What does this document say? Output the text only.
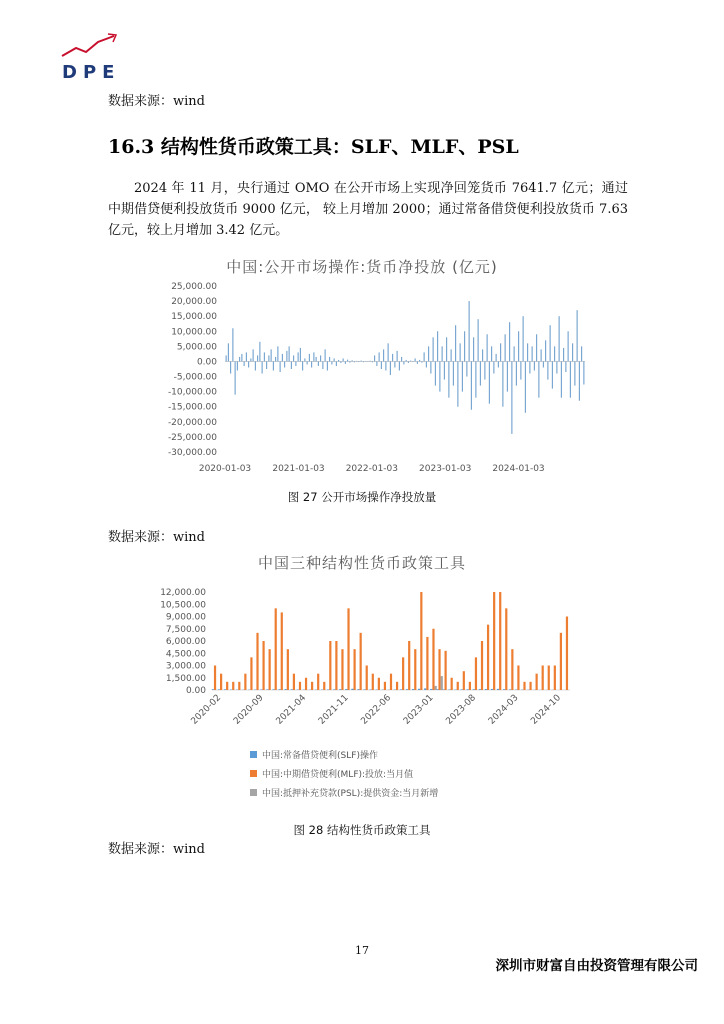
DPE
数据来源：wind
16.3 结构性货币政策工具：SLF、MLF、PSL
2024 年 11 月，央行通过 OMO 在公开市场上实现净回笼货币 7641.7 亿元；通过中期借贷便利投放货币 9000 亿元， 较上月增加 2000；通过常备借贷便利投放货币 7.63 亿元，较上月增加 3.42 亿元。
中国:公开市场操作:货币净投放 (亿元)
25,000.00
20,000.00
15,000.00
10,000.00
5,000.00
0.00
-5,000.00
-10,000.00
-15,000.00
-20,000.00
-25,000.00
-30,000.00
2020-01-03 2021-01-03 2022-01-03 2023-01-03 2024-01-03
图 27 公开市场操作净投放量
数据来源：wind
中国三种结构性货币政策工具
12,000.00
10,500.00
9,000.00
7,500.00
6,000.00
4,500.00
3,000.00
1,500.00
0.00
2020-02 2020-09 2021-04 2021-11 2022-06 2023-01 2023-08 2024-03 2024-10
中国:常备借贷便利(SLF)操作
中国:中期借贷便利(MLF):投放:当月值
中国:抵押补充贷款(PSL):提供资金:当月新增
图 28 结构性货币政策工具
数据来源：wind
17
深圳市财富自由投资管理有限公司
